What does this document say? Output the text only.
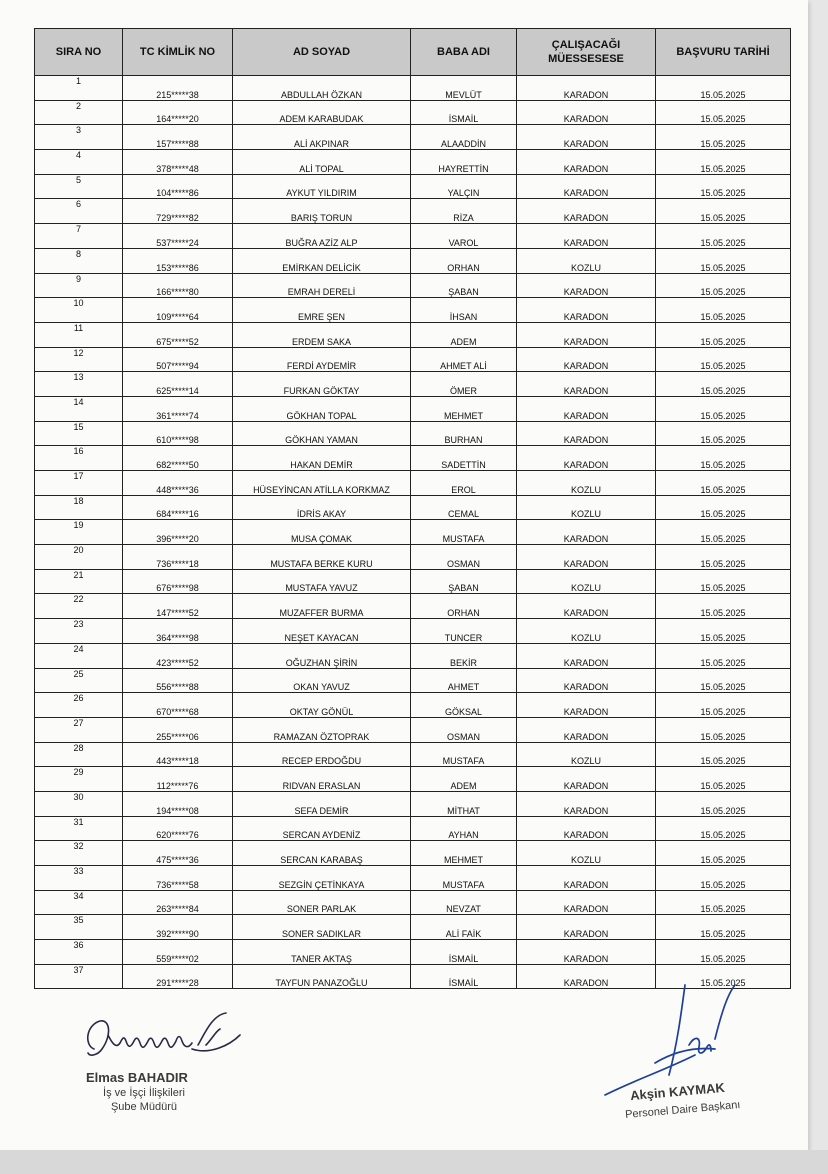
SIRA NO	TC KİMLİK NO	AD SOYAD	BABA ADI	ÇALIŞACAĞI MÜESSESESE	BAŞVURU TARİHİ
1	215*****38	ABDULLAH ÖZKAN	MEVLÜT	KARADON	15.05.2025
2	164*****20	ADEM KARABUDAK	İSMAİL	KARADON	15.05.2025
3	157*****88	ALİ AKPINAR	ALAADDİN	KARADON	15.05.2025
4	378*****48	ALİ TOPAL	HAYRETTİN	KARADON	15.05.2025
5	104*****86	AYKUT YILDIRIM	YALÇIN	KARADON	15.05.2025
6	729*****82	BARIŞ TORUN	RİZA	KARADON	15.05.2025
7	537*****24	BUĞRA AZİZ ALP	VAROL	KARADON	15.05.2025
8	153*****86	EMİRKAN DELİCİK	ORHAN	KOZLU	15.05.2025
9	166*****80	EMRAH DERELİ	ŞABAN	KARADON	15.05.2025
10	109*****64	EMRE ŞEN	İHSAN	KARADON	15.05.2025
11	675*****52	ERDEM SAKA	ADEM	KARADON	15.05.2025
12	507*****94	FERDİ AYDEMİR	AHMET ALİ	KARADON	15.05.2025
13	625*****14	FURKAN GÖKTAY	ÖMER	KARADON	15.05.2025
14	361*****74	GÖKHAN TOPAL	MEHMET	KARADON	15.05.2025
15	610*****98	GÖKHAN YAMAN	BURHAN	KARADON	15.05.2025
16	682*****50	HAKAN DEMİR	SADETTİN	KARADON	15.05.2025
17	448*****36	HÜSEYİNCAN ATİLLA KORKMAZ	EROL	KOZLU	15.05.2025
18	684*****16	İDRİS AKAY	CEMAL	KOZLU	15.05.2025
19	396*****20	MUSA ÇOMAK	MUSTAFA	KARADON	15.05.2025
20	736*****18	MUSTAFA BERKE KURU	OSMAN	KARADON	15.05.2025
21	676*****98	MUSTAFA YAVUZ	ŞABAN	KOZLU	15.05.2025
22	147*****52	MUZAFFER BURMA	ORHAN	KARADON	15.05.2025
23	364*****98	NEŞET KAYACAN	TUNCER	KOZLU	15.05.2025
24	423*****52	OĞUZHAN ŞİRİN	BEKİR	KARADON	15.05.2025
25	556*****88	OKAN YAVUZ	AHMET	KARADON	15.05.2025
26	670*****68	OKTAY GÖNÜL	GÖKSAL	KARADON	15.05.2025
27	255*****06	RAMAZAN ÖZTOPRAK	OSMAN	KARADON	15.05.2025
28	443*****18	RECEP ERDOĞDU	MUSTAFA	KOZLU	15.05.2025
29	112*****76	RIDVAN ERASLAN	ADEM	KARADON	15.05.2025
30	194*****08	SEFA DEMİR	MİTHAT	KARADON	15.05.2025
31	620*****76	SERCAN AYDENİZ	AYHAN	KARADON	15.05.2025
32	475*****36	SERCAN KARABAŞ	MEHMET	KOZLU	15.05.2025
33	736*****58	SEZGİN ÇETİNKAYA	MUSTAFA	KARADON	15.05.2025
34	263*****84	SONER PARLAK	NEVZAT	KARADON	15.05.2025
35	392*****90	SONER SADIKLAR	ALİ FAİK	KARADON	15.05.2025
36	559*****02	TANER AKTAŞ	İSMAİL	KARADON	15.05.2025
37	291*****28	TAYFUN PANAZOĞLU	İSMAİL	KARADON	15.05.2025
Elmas BAHADIR
İş ve İşçi İlişkileri
Şube Müdürü
Akşin KAYMAK
Personel Daire Başkanı
